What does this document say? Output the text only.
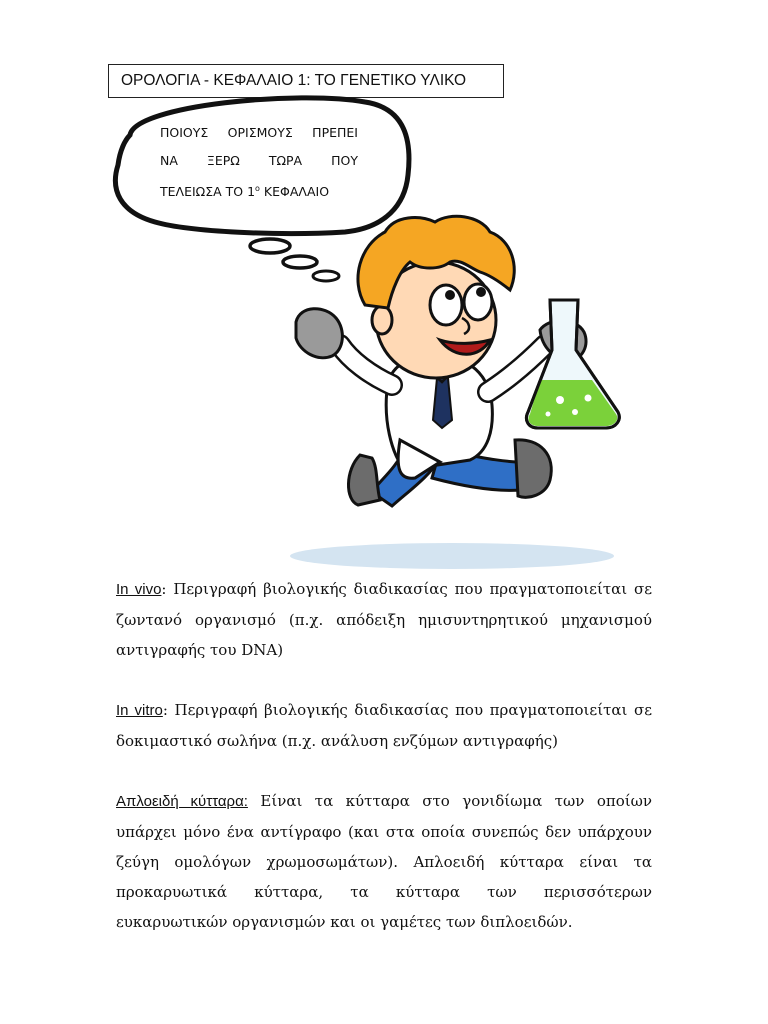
ΟΡΟΛΟΓΙΑ - ΚΕΦΑΛΑΙΟ 1: ΤΟ ΓΕΝΕΤΙΚΟ ΥΛΙΚΟ
ΠΟΙΟΥΣ ΟΡΙΣΜΟΥΣ ΠΡΕΠΕΙ
ΝΑ ΞΕΡΩ ΤΩΡΑ ΠΟΥ
ΤΕΛΕΙΩΣΑ ΤΟ $1^o$ ΚΕΦΑΛΑΙΟ

In vivo: Περιγραφή βιολογικής διαδικασίας που πραγματοποιείται σε ζωντανό οργανισμό (π.χ. απόδειξη ημισυντηρητικού μηχανισμού αντιγραφής του DNA)

In vitro: Περιγραφή βιολογικής διαδικασίας που πραγματοποιείται σε δοκιμαστικό σωλήνα (π.χ. ανάλυση ενζύμων αντιγραφής)

Απλοειδή κύτταρα: Είναι τα κύτταρα στο γονιδίωμα των οποίων υπάρχει μόνο ένα αντίγραφο (και στα οποία συνεπώς δεν υπάρχουν ζεύγη ομολόγων χρωμοσωμάτων). Απλοειδή κύτταρα είναι τα προκαρυωτικά κύτταρα, τα κύτταρα των περισσότερων ευκαρυωτικών οργανισμών και οι γαμέτες των διπλοειδών.
